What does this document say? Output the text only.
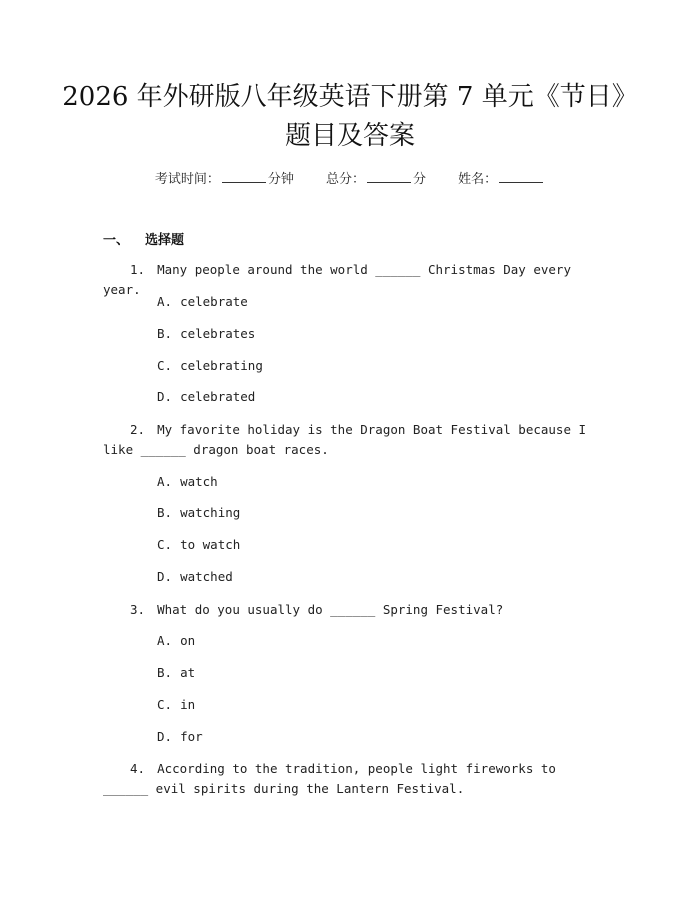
2026 年外研版八年级英语下册第 7 单元《节日》题目及答案
考试时间：	分钟 总分：	分 姓名：
一、 选择题

1. Many people around the world ______ Christmas Day every year.

A. celebrate
B. celebrates
C. celebrating
D. celebrated

2. My favorite holiday is the Dragon Boat Festival because I like ______ dragon boat races.

A. watch
B. watching
C. to watch
D. watched

3. What do you usually do ______ Spring Festival?

A. on
B. at
C. in
D. for

4. According to the tradition, people light fireworks to ______ evil spirits during the Lantern Festival.
